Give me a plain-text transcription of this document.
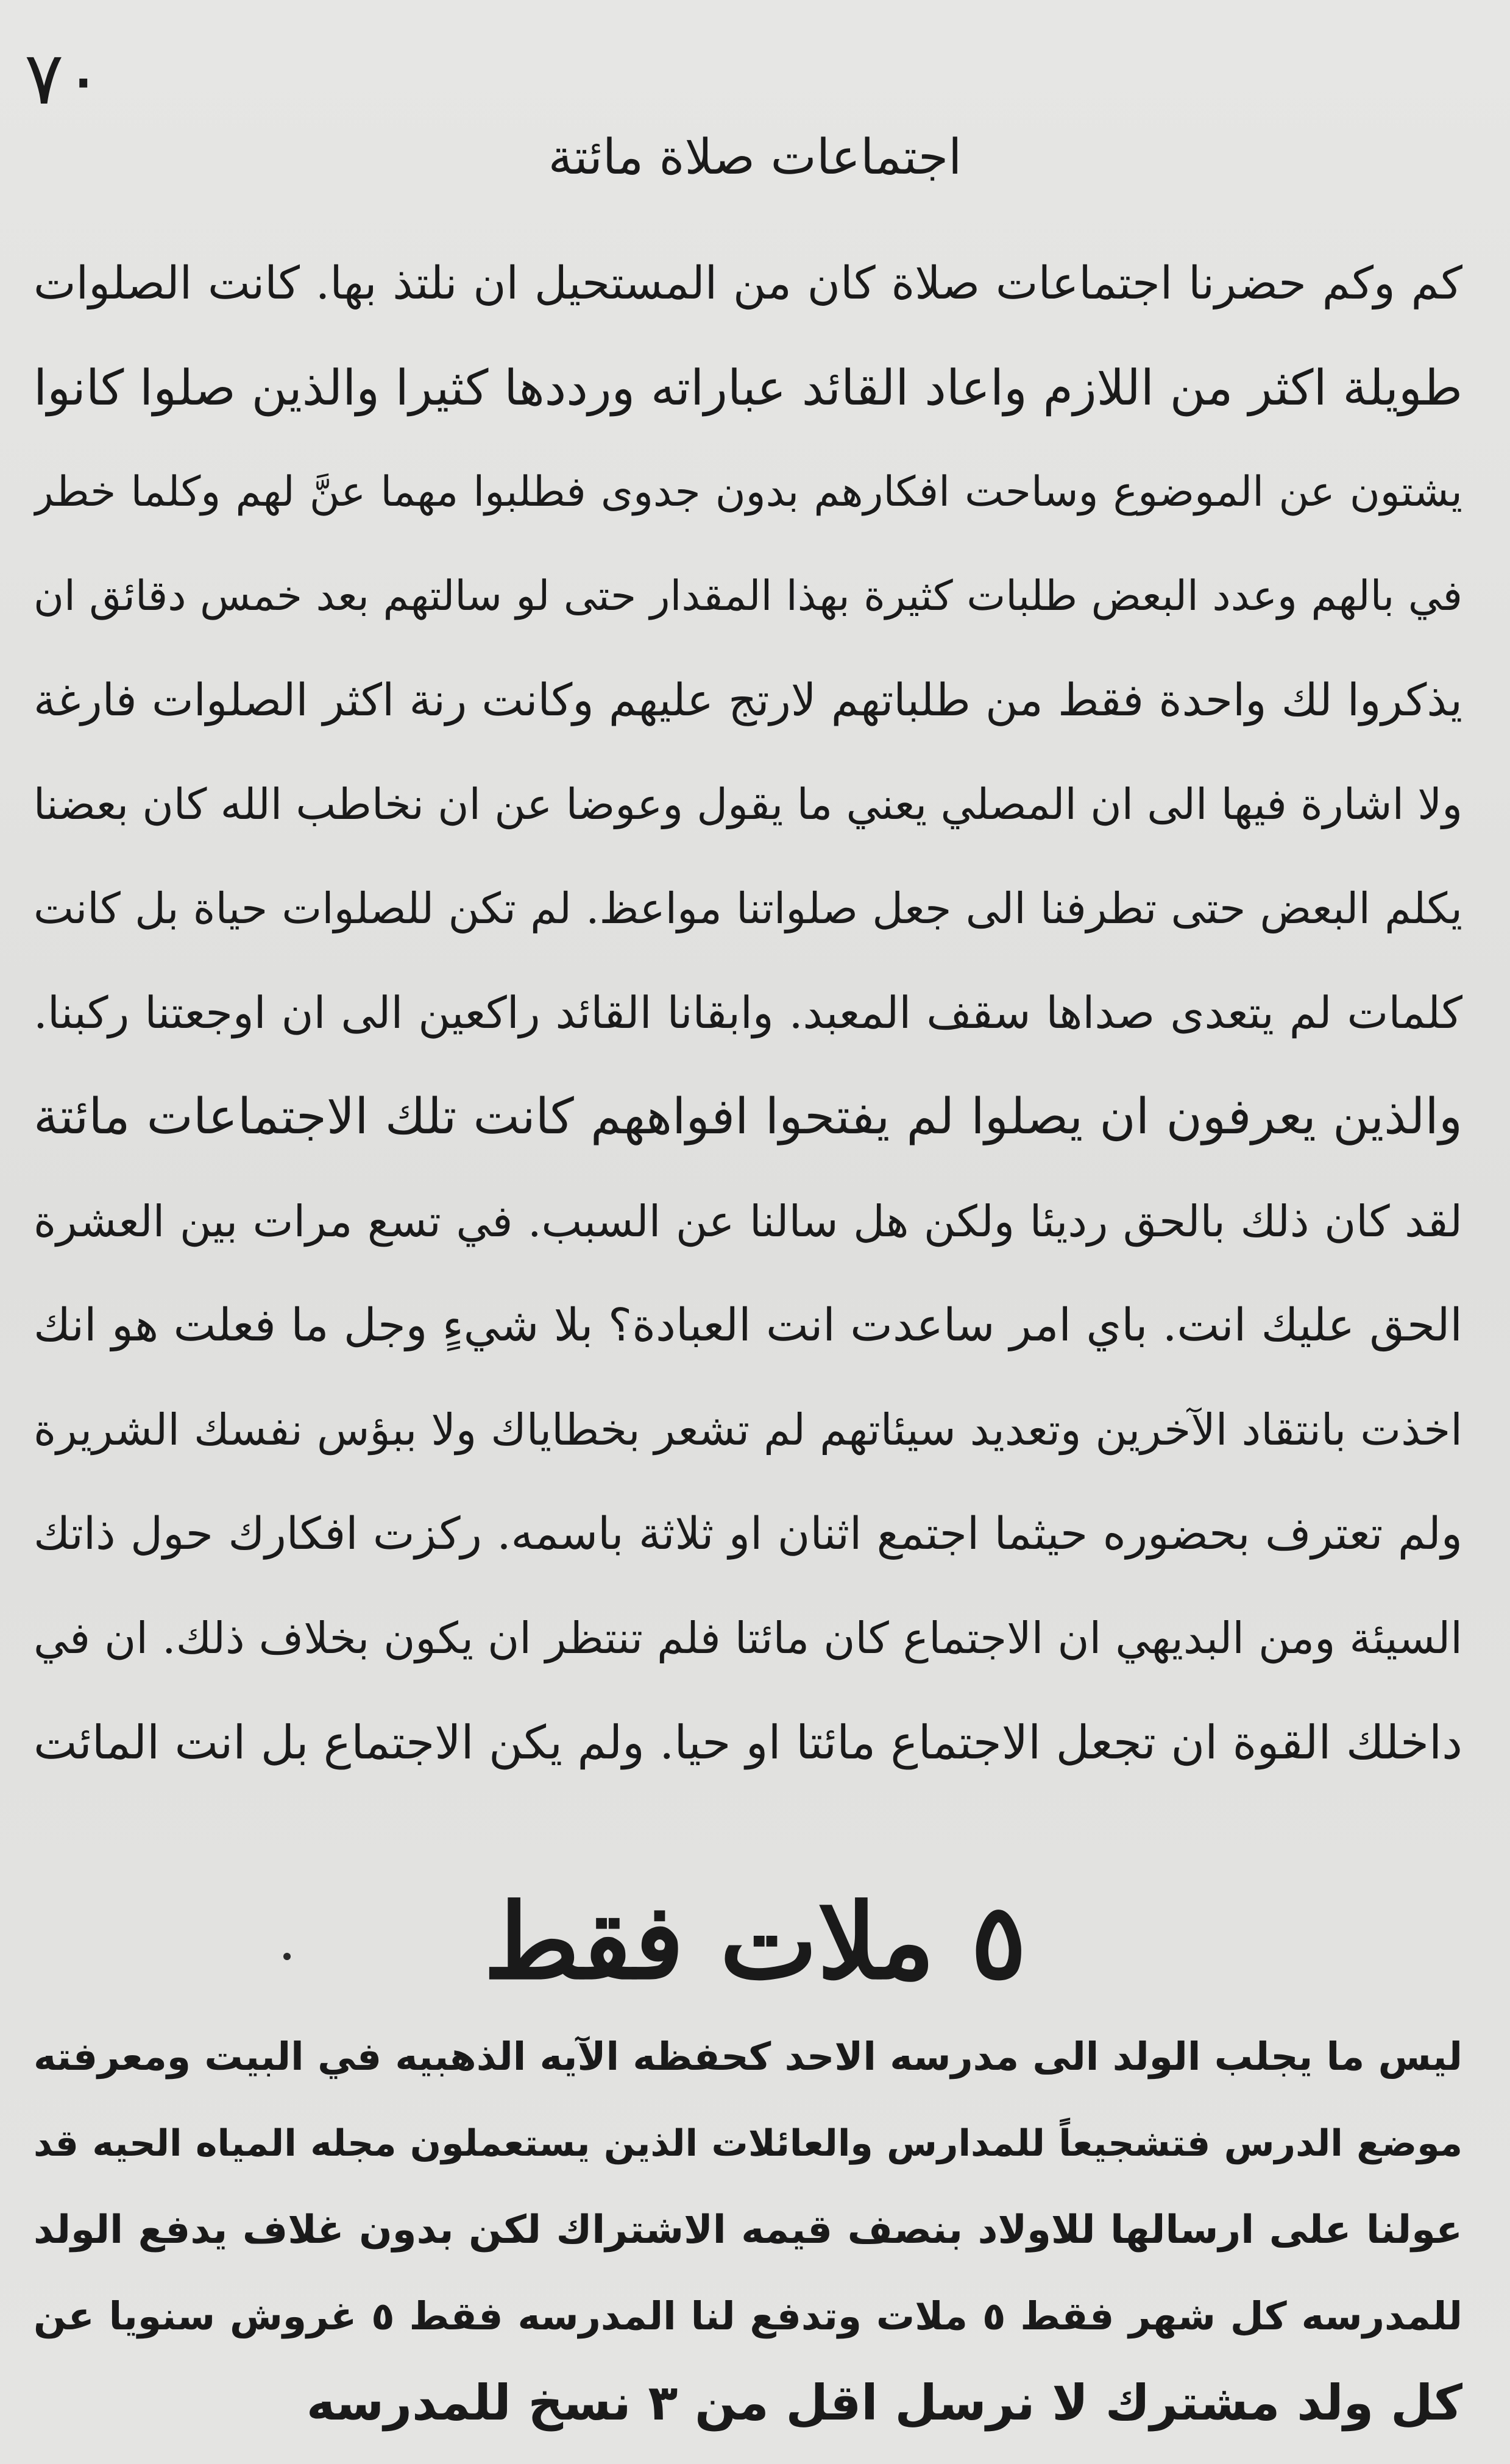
٧٠
اجتماعات صلاة مائتة
كم وكم حضرنا اجتماعات صلاة كان من المستحيل ان نلتذ بها. كانت الصلوات
طويلة اكثر من اللازم واعاد القائد عباراته ورددها كثيرا والذين صلوا كانوا
يشتون عن الموضوع وساحت افكارهم بدون جدوى فطلبوا مهما عنَّ لهم وكلما خطر
في بالهم وعدد البعض طلبات كثيرة بهذا المقدار حتى لو سالتهم بعد خمس دقائق ان
يذكروا لك واحدة فقط من طلباتهم لارتج عليهم وكانت رنة اكثر الصلوات فارغة
ولا اشارة فيها الى ان المصلي يعني ما يقول وعوضا عن ان نخاطب الله كان بعضنا
يكلم البعض حتى تطرفنا الى جعل صلواتنا مواعظ. لم تكن للصلوات حياة بل كانت
كلمات لم يتعدى صداها سقف المعبد. وابقانا القائد راكعين الى ان اوجعتنا ركبنا.
والذين يعرفون ان يصلوا لم يفتحوا افواههم كانت تلك الاجتماعات مائتة
لقد كان ذلك بالحق رديئا ولكن هل سالنا عن السبب. في تسع مرات بين العشرة
الحق عليك انت. باي امر ساعدت انت العبادة؟ بلا شيءٍ وجل ما فعلت هو انك
اخذت بانتقاد الآخرين وتعديد سيئاتهم لم تشعر بخطاياك ولا ببؤس نفسك الشريرة
ولم تعترف بحضوره حيثما اجتمع اثنان او ثلاثة باسمه. ركزت افكارك حول ذاتك
السيئة ومن البديهي ان الاجتماع كان مائتا فلم تنتظر ان يكون بخلاف ذلك. ان في
داخلك القوة ان تجعل الاجتماع مائتا او حيا. ولم يكن الاجتماع بل انت المائت
٥ ملات فقط
ليس ما يجلب الولد الى مدرسه الاحد كحفظه الآيه الذهبيه في البيت ومعرفته
موضع الدرس فتشجيعاً للمدارس والعائلات الذين يستعملون مجله المياه الحيه قد
عولنا على ارسالها للاولاد بنصف قيمه الاشتراك لكن بدون غلاف يدفع الولد
للمدرسه كل شهر فقط ٥ ملات وتدفع لنا المدرسه فقط ٥ غروش سنويا عن
كل ولد مشترك لا نرسل اقل من ٣ نسخ للمدرسه
